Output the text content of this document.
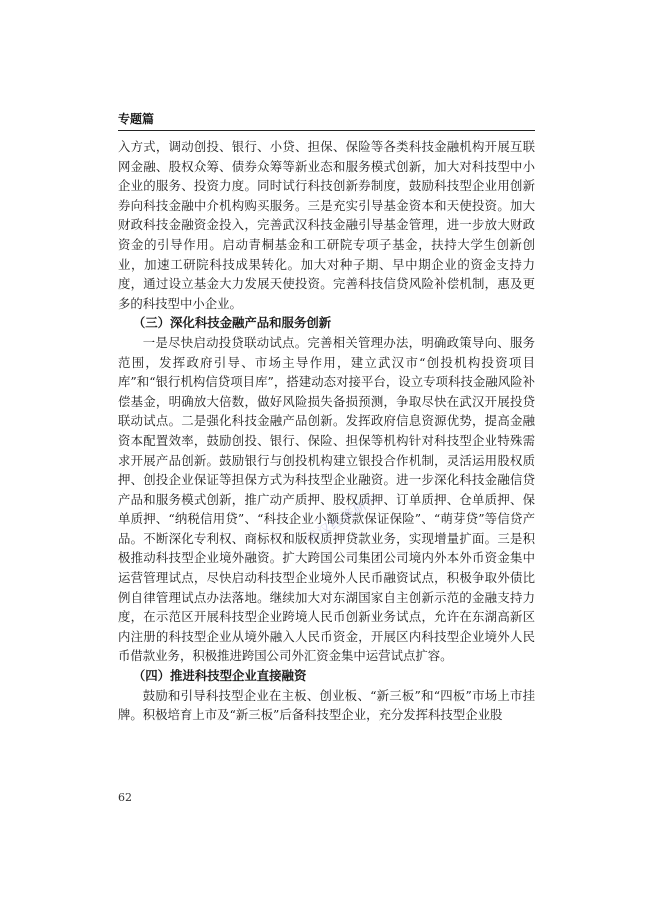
专题篇

入方式，调动创投、银行、小贷、担保、保险等各类科技金融机构开展互联网金融、股权众筹、债券众筹等新业态和服务模式创新，加大对科技型中小企业的服务、投资力度。同时试行科技创新券制度，鼓励科技型企业用创新券向科技金融中介机构购买服务。三是充实引导基金资本和天使投资。加大财政科技金融资金投入，完善武汉科技金融引导基金管理，进一步放大财政资金的引导作用。启动青桐基金和工研院专项子基金，扶持大学生创新创业，加速工研院科技成果转化。加大对种子期、早中期企业的资金支持力度，通过设立基金大力发展天使投资。完善科技信贷风险补偿机制，惠及更多的科技型中小企业。

（三）深化科技金融产品和服务创新

一是尽快启动投贷联动试点。完善相关管理办法，明确政策导向、服务范围，发挥政府引导、市场主导作用，建立武汉市“创投机构投资项目库”和“银行机构信贷项目库”，搭建动态对接平台，设立专项科技金融风险补偿基金，明确放大倍数，做好风险损失备损预测，争取尽快在武汉开展投贷联动试点。二是强化科技金融产品创新。发挥政府信息资源优势，提高金融资本配置效率，鼓励创投、银行、保险、担保等机构针对科技型企业特殊需求开展产品创新。鼓励银行与创投机构建立银投合作机制，灵活运用股权质押、创投企业保证等担保方式为科技型企业融资。进一步深化科技金融信贷产品和服务模式创新，推广动产质押、股权质押、订单质押、仓单质押、保单质押、“纳税信用贷”、“科技企业小额贷款保证保险”、“萌芽贷”等信贷产品。不断深化专利权、商标权和版权质押贷款业务，实现增量扩面。三是积极推动科技型企业境外融资。扩大跨国公司集团公司境内外本外币资金集中运营管理试点，尽快启动科技型企业境外人民币融资试点，积极争取外债比例自律管理试点办法落地。继续加大对东湖国家自主创新示范的金融支持力度，在示范区开展科技型企业跨境人民币创新业务试点，允许在东湖高新区内注册的科技型企业从境外融入人民币资金，开展区内科技型企业境外人民币借款业务，积极推进跨国公司外汇资金集中运营试点扩容。

（四）推进科技型企业直接融资

鼓励和引导科技型企业在主板、创业板、“新三板”和“四板”市场上市挂牌。积极培育上市及“新三板”后备科技型企业，充分发挥科技型企业股

武汉经济研究
62
